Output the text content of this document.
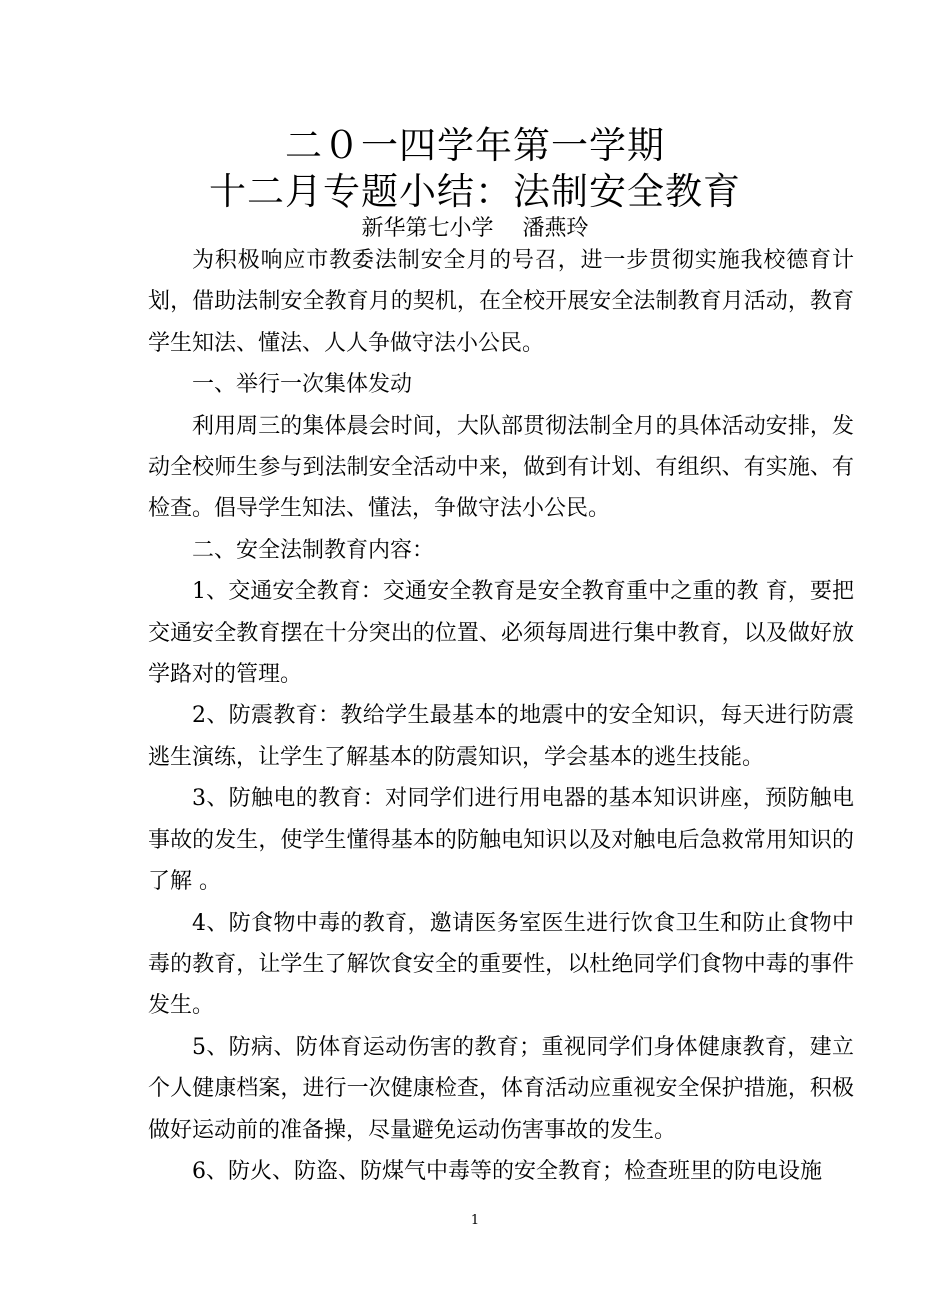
二０一四学年第一学期
十二月专题小结：法制安全教育
新华第七小学　 潘燕玲

为积极响应市教委法制安全月的号召，进一步贯彻实施我校德育计划，借助法制安全教育月的契机，在全校开展安全法制教育月活动，教育学生知法、懂法、人人争做守法小公民。

一、举行一次集体发动

利用周三的集体晨会时间，大队部贯彻法制全月的具体活动安排，发动全校师生参与到法制安全活动中来，做到有计划、有组织、有实施、有检查。倡导学生知法、懂法，争做守法小公民。

二、安全法制教育内容：

1、交通安全教育：交通安全教育是安全教育重中之重的教 育，要把交通安全教育摆在十分突出的位置、必须每周进行集中教育，以及做好放学路对的管理。

2、防震教育：教给学生最基本的地震中的安全知识，每天进行防震逃生演练，让学生了解基本的防震知识，学会基本的逃生技能。

3、防触电的教育：对同学们进行用电器的基本知识讲座，预防触电事故的发生，使学生懂得基本的防触电知识以及对触电后急救常用知识的了解 。

4、防食物中毒的教育，邀请医务室医生进行饮食卫生和防止食物中毒的教育，让学生了解饮食安全的重要性，以杜绝同学们食物中毒的事件发生。

5、防病、防体育运动伤害的教育；重视同学们身体健康教育，建立个人健康档案，进行一次健康检查，体育活动应重视安全保护措施，积极做好运动前的准备操，尽量避免运动伤害事故的发生。

6、防火、防盗、防煤气中毒等的安全教育；检查班里的防电设施

1
